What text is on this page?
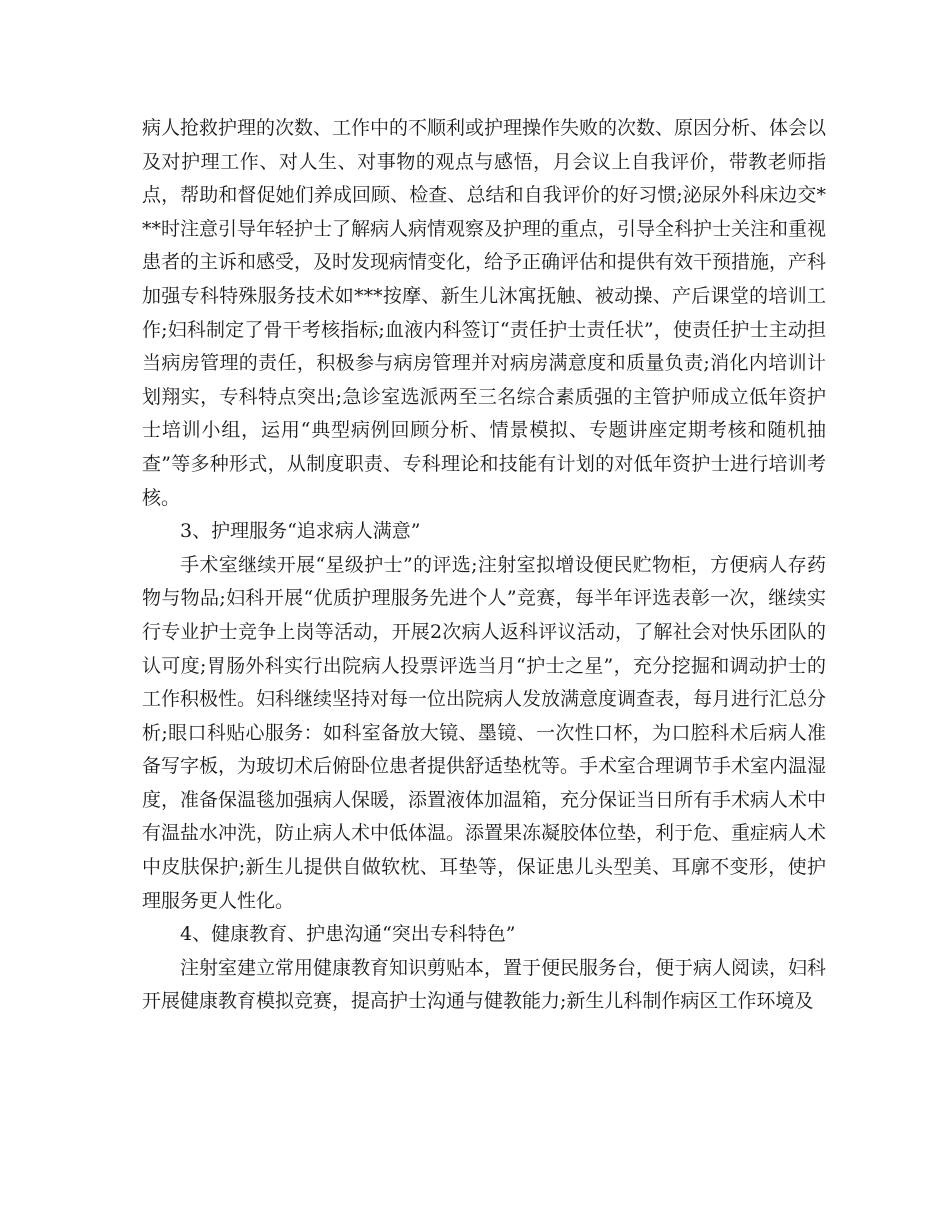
病人抢救护理的次数、工作中的不顺利或护理操作失败的次数、原因分析、体会以及对护理工作、对人生、对事物的观点与感悟，月会议上自我评价，带教老师指点，帮助和督促她们养成回顾、检查、总结和自我评价的好习惯;泌尿外科床边交***时注意引导年轻护士了解病人病情观察及护理的重点，引导全科护士关注和重视患者的主诉和感受，及时发现病情变化，给予正确评估和提供有效干预措施，产科加强专科特殊服务技术如***按摩、新生儿沐寓抚触、被动操、产后课堂的培训工作;妇科制定了骨干考核指标;血液内科签订“责任护士责任状”，使责任护士主动担当病房管理的责任，积极参与病房管理并对病房满意度和质量负责;消化内培训计划翔实，专科特点突出;急诊室选派两至三名综合素质强的主管护师成立低年资护士培训小组，运用“典型病例回顾分析、情景模拟、专题讲座定期考核和随机抽查”等多种形式，从制度职责、专科理论和技能有计划的对低年资护士进行培训考核。

3、护理服务“追求病人满意”

手术室继续开展“星级护士”的评选;注射室拟增设便民贮物柜，方便病人存药物与物品;妇科开展“优质护理服务先进个人”竞赛，每半年评选表彰一次，继续实行专业护士竞争上岗等活动，开展2次病人返科评议活动，了解社会对快乐团队的认可度;胃肠外科实行出院病人投票评选当月“护士之星”，充分挖掘和调动护士的工作积极性。妇科继续坚持对每一位出院病人发放满意度调查表，每月进行汇总分析;眼口科贴心服务：如科室备放大镜、墨镜、一次性口杯，为口腔科术后病人准备写字板，为玻切术后俯卧位患者提供舒适垫枕等。手术室合理调节手术室内温湿度，准备保温毯加强病人保暖，添置液体加温箱，充分保证当日所有手术病人术中有温盐水冲洗，防止病人术中低体温。添置果冻凝胶体位垫，利于危、重症病人术中皮肤保护;新生儿提供自做软枕、耳垫等，保证患儿头型美、耳廓不变形，使护理服务更人性化。

4、健康教育、护患沟通“突出专科特色”

注射室建立常用健康教育知识剪贴本，置于便民服务台，便于病人阅读，妇科开展健康教育模拟竞赛，提高护士沟通与健教能力;新生儿科制作病区工作环境及
